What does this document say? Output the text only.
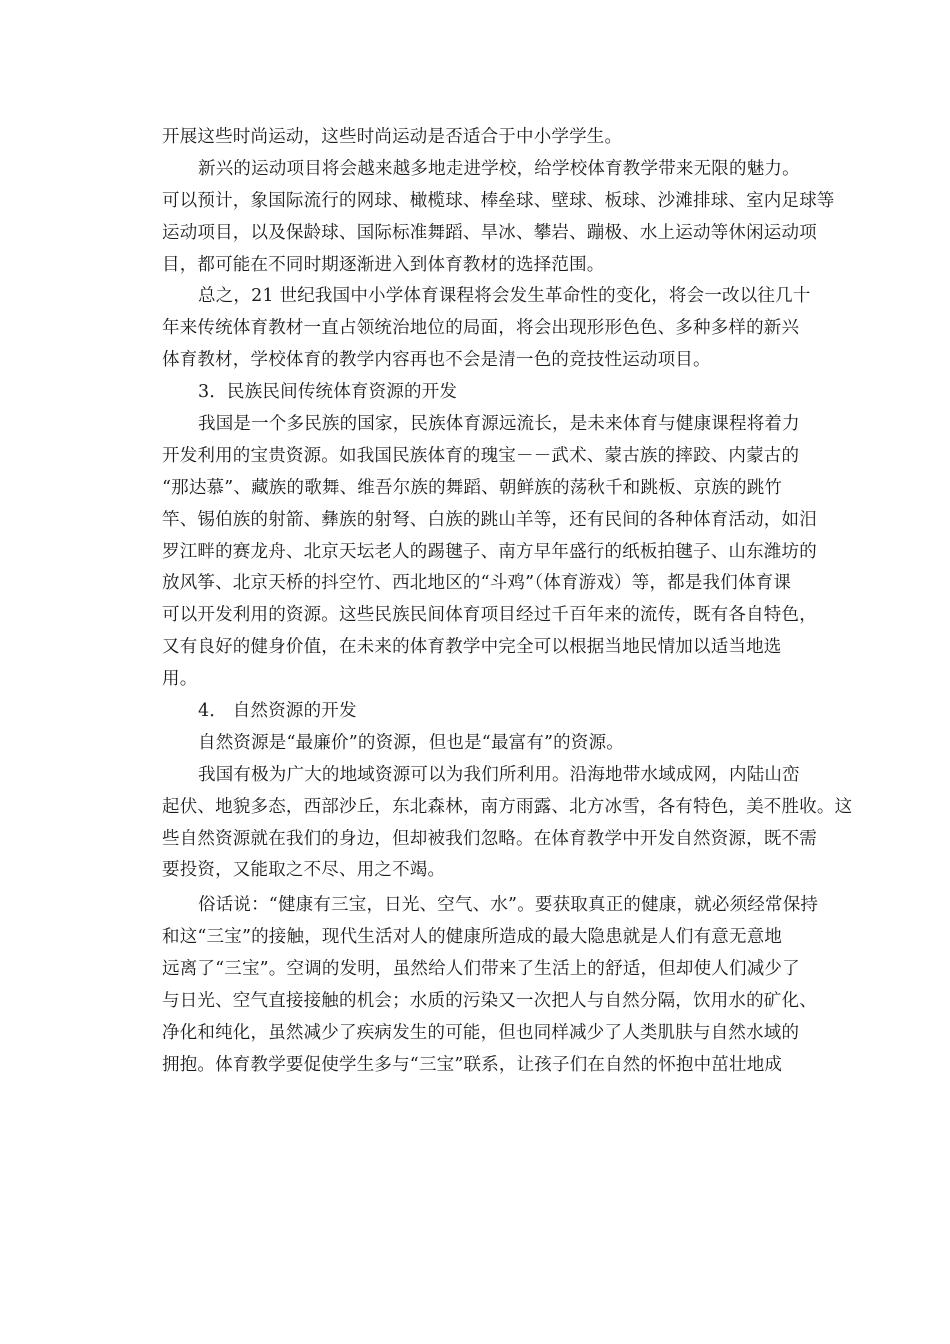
开展这些时尚运动，这些时尚运动是否适合于中小学学生。
新兴的运动项目将会越来越多地走进学校，给学校体育教学带来无限的魅力。
可以预计，象国际流行的网球、橄榄球、棒垒球、壁球、板球、沙滩排球、室内足球等
运动项目，以及保龄球、国际标准舞蹈、旱冰、攀岩、蹦极、水上运动等休闲运动项
目，都可能在不同时期逐渐进入到体育教材的选择范围。
总之，21 世纪我国中小学体育课程将会发生革命性的变化，将会一改以往几十
年来传统体育教材一直占领统治地位的局面，将会出现形形色色、多种多样的新兴
体育教材，学校体育的教学内容再也不会是清一色的竞技性运动项目。
3．民族民间传统体育资源的开发
我国是一个多民族的国家，民族体育源远流长，是未来体育与健康课程将着力
开发利用的宝贵资源。如我国民族体育的瑰宝－－武术、蒙古族的摔跤、内蒙古的
“那达慕”、藏族的歌舞、维吾尔族的舞蹈、朝鲜族的荡秋千和跳板、京族的跳竹
竿、锡伯族的射箭、彝族的射弩、白族的跳山羊等，还有民间的各种体育活动，如汨
罗江畔的赛龙舟、北京天坛老人的踢毽子、南方早年盛行的纸板拍毽子、山东潍坊的
放风筝、北京天桥的抖空竹、西北地区的“斗鸡”（体育游戏）等，都是我们体育课
可以开发利用的资源。这些民族民间体育项目经过千百年来的流传，既有各自特色，
又有良好的健身价值，在未来的体育教学中完全可以根据当地民情加以适当地选
用。
4． 自然资源的开发
自然资源是“最廉价”的资源，但也是“最富有”的资源。
我国有极为广大的地域资源可以为我们所利用。沿海地带水域成网，内陆山峦
起伏、地貌多态，西部沙丘，东北森林，南方雨露、北方冰雪，各有特色，美不胜收。这
些自然资源就在我们的身边，但却被我们忽略。在体育教学中开发自然资源，既不需
要投资，又能取之不尽、用之不竭。
俗话说：“健康有三宝，日光、空气、水”。要获取真正的健康，就必须经常保持
和这“三宝”的接触，现代生活对人的健康所造成的最大隐患就是人们有意无意地
远离了“三宝”。空调的发明，虽然给人们带来了生活上的舒适，但却使人们减少了
与日光、空气直接接触的机会；水质的污染又一次把人与自然分隔，饮用水的矿化、
净化和纯化，虽然减少了疾病发生的可能，但也同样减少了人类肌肤与自然水域的
拥抱。体育教学要促使学生多与“三宝”联系，让孩子们在自然的怀抱中茁壮地成
